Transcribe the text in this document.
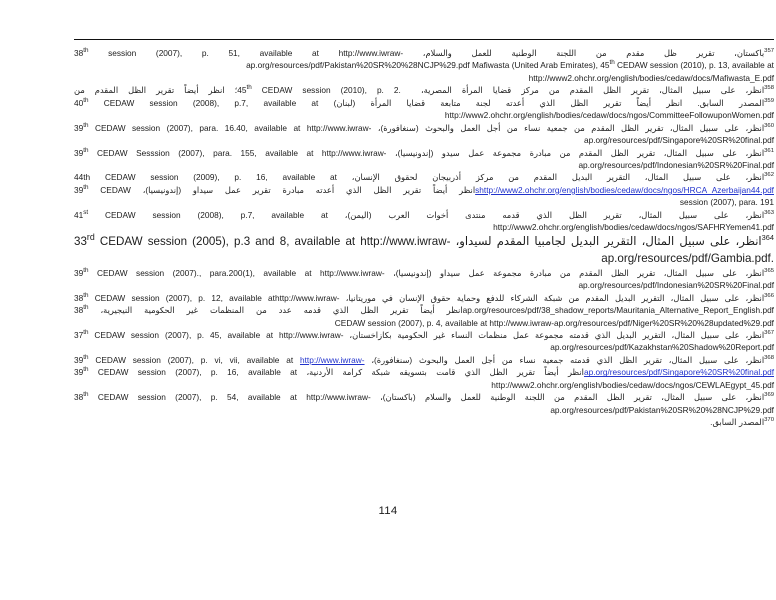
$^{357}$باكستان، تقرير ظل مقدم من اللجنة الوطنية للعمل والسلام، 38th session (2007), p. 51, available at http://www.iwraw-

ap.org/resources/pdf/Pakistan%20SR%20%28NCJP%29.pdf Mafiwasta (United Arab Emirates), 45th CEDAW session (2010), p. 13, available at

http://www2.ohchr.org/english/bodies/cedaw/docs/Mafiwasta_E.pdf

$^{358}$انظر، على سبيل المثال، تقرير الظل المقدم من مركز قضايا المرأة المصرية، 45th CEDAW session (2010), p. 2. ؛ انظر أيضاً تقرير الظل المقدم من

$^{359}$المصدر السابق. انظر أيضاً تقرير الظل الذي أعدته لجنة متابعة قضايا المرأة (لبنان) 40th CEDAW session (2008), p.7, available at

http://www2.ohchr.org/english/bodies/cedaw/docs/ngos/CommitteeFollowuponWomen.pdf

$^{360}$انظر، على سبيل المثال، تقرير الظل المقدم من جمعية نساء من أجل العمل والبحوث (سنغافورة)، 39th CEDAW session (2007), para. 16.40, available at http://www.iwraw-

ap.org/resources/pdf/Singapore%20SR%20final.pdf

$^{361}$انظر، على سبيل المثال، تقرير الظل المقدم من مبادرة مجموعة عمل سيدو (إندونيسيا)، 39th CEDAW Sesssion (2007), para. 155, available at http://www.iwraw-

ap.org/resources/pdf/Indonesian%20SR%20Final.pdf

$^{362}$انظر، على سبيل المثال، التقرير البديل المقدم من مركز أذربيجان لحقوق الإنسان، 44th CEDAW session (2009), p. 16, available at

shttp://www2.ohchr.org/english/bodies/cedaw/docs/ngos/HRCA_Azerbaijan44.pdfانظر أيضاً تقرير الظل الذي أعدته مبادرة تقرير عمل سيداو (إندونيسيا)، 39th CEDAW

session (2007), para. 191

$^{363}$انظر، على سبيل المثال، تقرير الظل الذي قدمه منتدى أخوات العرب (اليمن)، 41st CEDAW session (2008), p.7, available at

http://www2.ohchr.org/english/bodies/cedaw/docs/ngos/SAFHRYemen41.pdf

$^{364}$انظر، على سبيل المثال، التقرير البديل لجامبيا المقدم لسيداو، 33rd CEDAW session (2005), p.3 and 8, available at http://www.iwraw-

ap.org/resources/pdf/Gambia.pdf.

$^{365}$انظر، على سبيل المثال، تقرير الظل المقدم من مبادرة مجموعة عمل سيداو (إندونيسيا)، 39th CEDAW session (2007)., para.200(1), available at http://www.iwraw-

ap.org/resources/pdf/Indonesian%20SR%20Final.pdf

$^{366}$انظر، على سبيل المثال، التقرير البديل المقدم من شبكة الشركاء للدفع وحماية حقوق الإنسان في موريتانيا، 38th CEDAW session (2007), p. 12, available athttp://www.iwraw-

ap.org/resources/pdf/38_shadow_reports/Mauritania_Alternative_Report_English.pdfانظر أيضاً تقرير الظل الذي قدمه عدد من المنظمات غير الحكومية النيجيرية، 38th

CEDAW session (2007), p. 4, available at http://www.iwraw-ap.org/resources/pdf/Niger%20SR%20%28updated%29.pdf

$^{367}$انظر، على سبيل المثال، التقرير البديل الذي قدمته مجموعة عمل منظمات النساء غير الحكومية بكازاخستان، 37th CEDAW session (2007), p. 45, available at http://www.iwraw-

ap.org/resources/pdf/Kazakhstan%20Shadow%20Report.pdf

$^{368}$انظر، على سبيل المثال، تقرير الظل الذي قدمته جمعية نساء من أجل العمل والبحوث (سنغافورة)، 39th CEDAW session (2007), p. vi, vii, available at http://www.iwraw-

ap.org/resources/pdf/Singapore%20SR%20final.pdfانظر أيضاً تقرير الظل الذي قامت بتسويقه شبكة كرامة الأردنية، 39th CEDAW session (2007), p. 16, available at

http://www2.ohchr.org/english/bodies/cedaw/docs/ngos/CEWLAEgypt_45.pdf

$^{369}$انظر، على سبيل المثال، تقرير الظل المقدم من اللجنة الوطنية للعمل والسلام (باكستان)، 38th CEDAW session (2007), p. 54, available at http://www.iwraw-

ap.org/resources/pdf/Pakistan%20SR%20%28NCJP%29.pdf

$^{370}$المصدر السابق.

114
